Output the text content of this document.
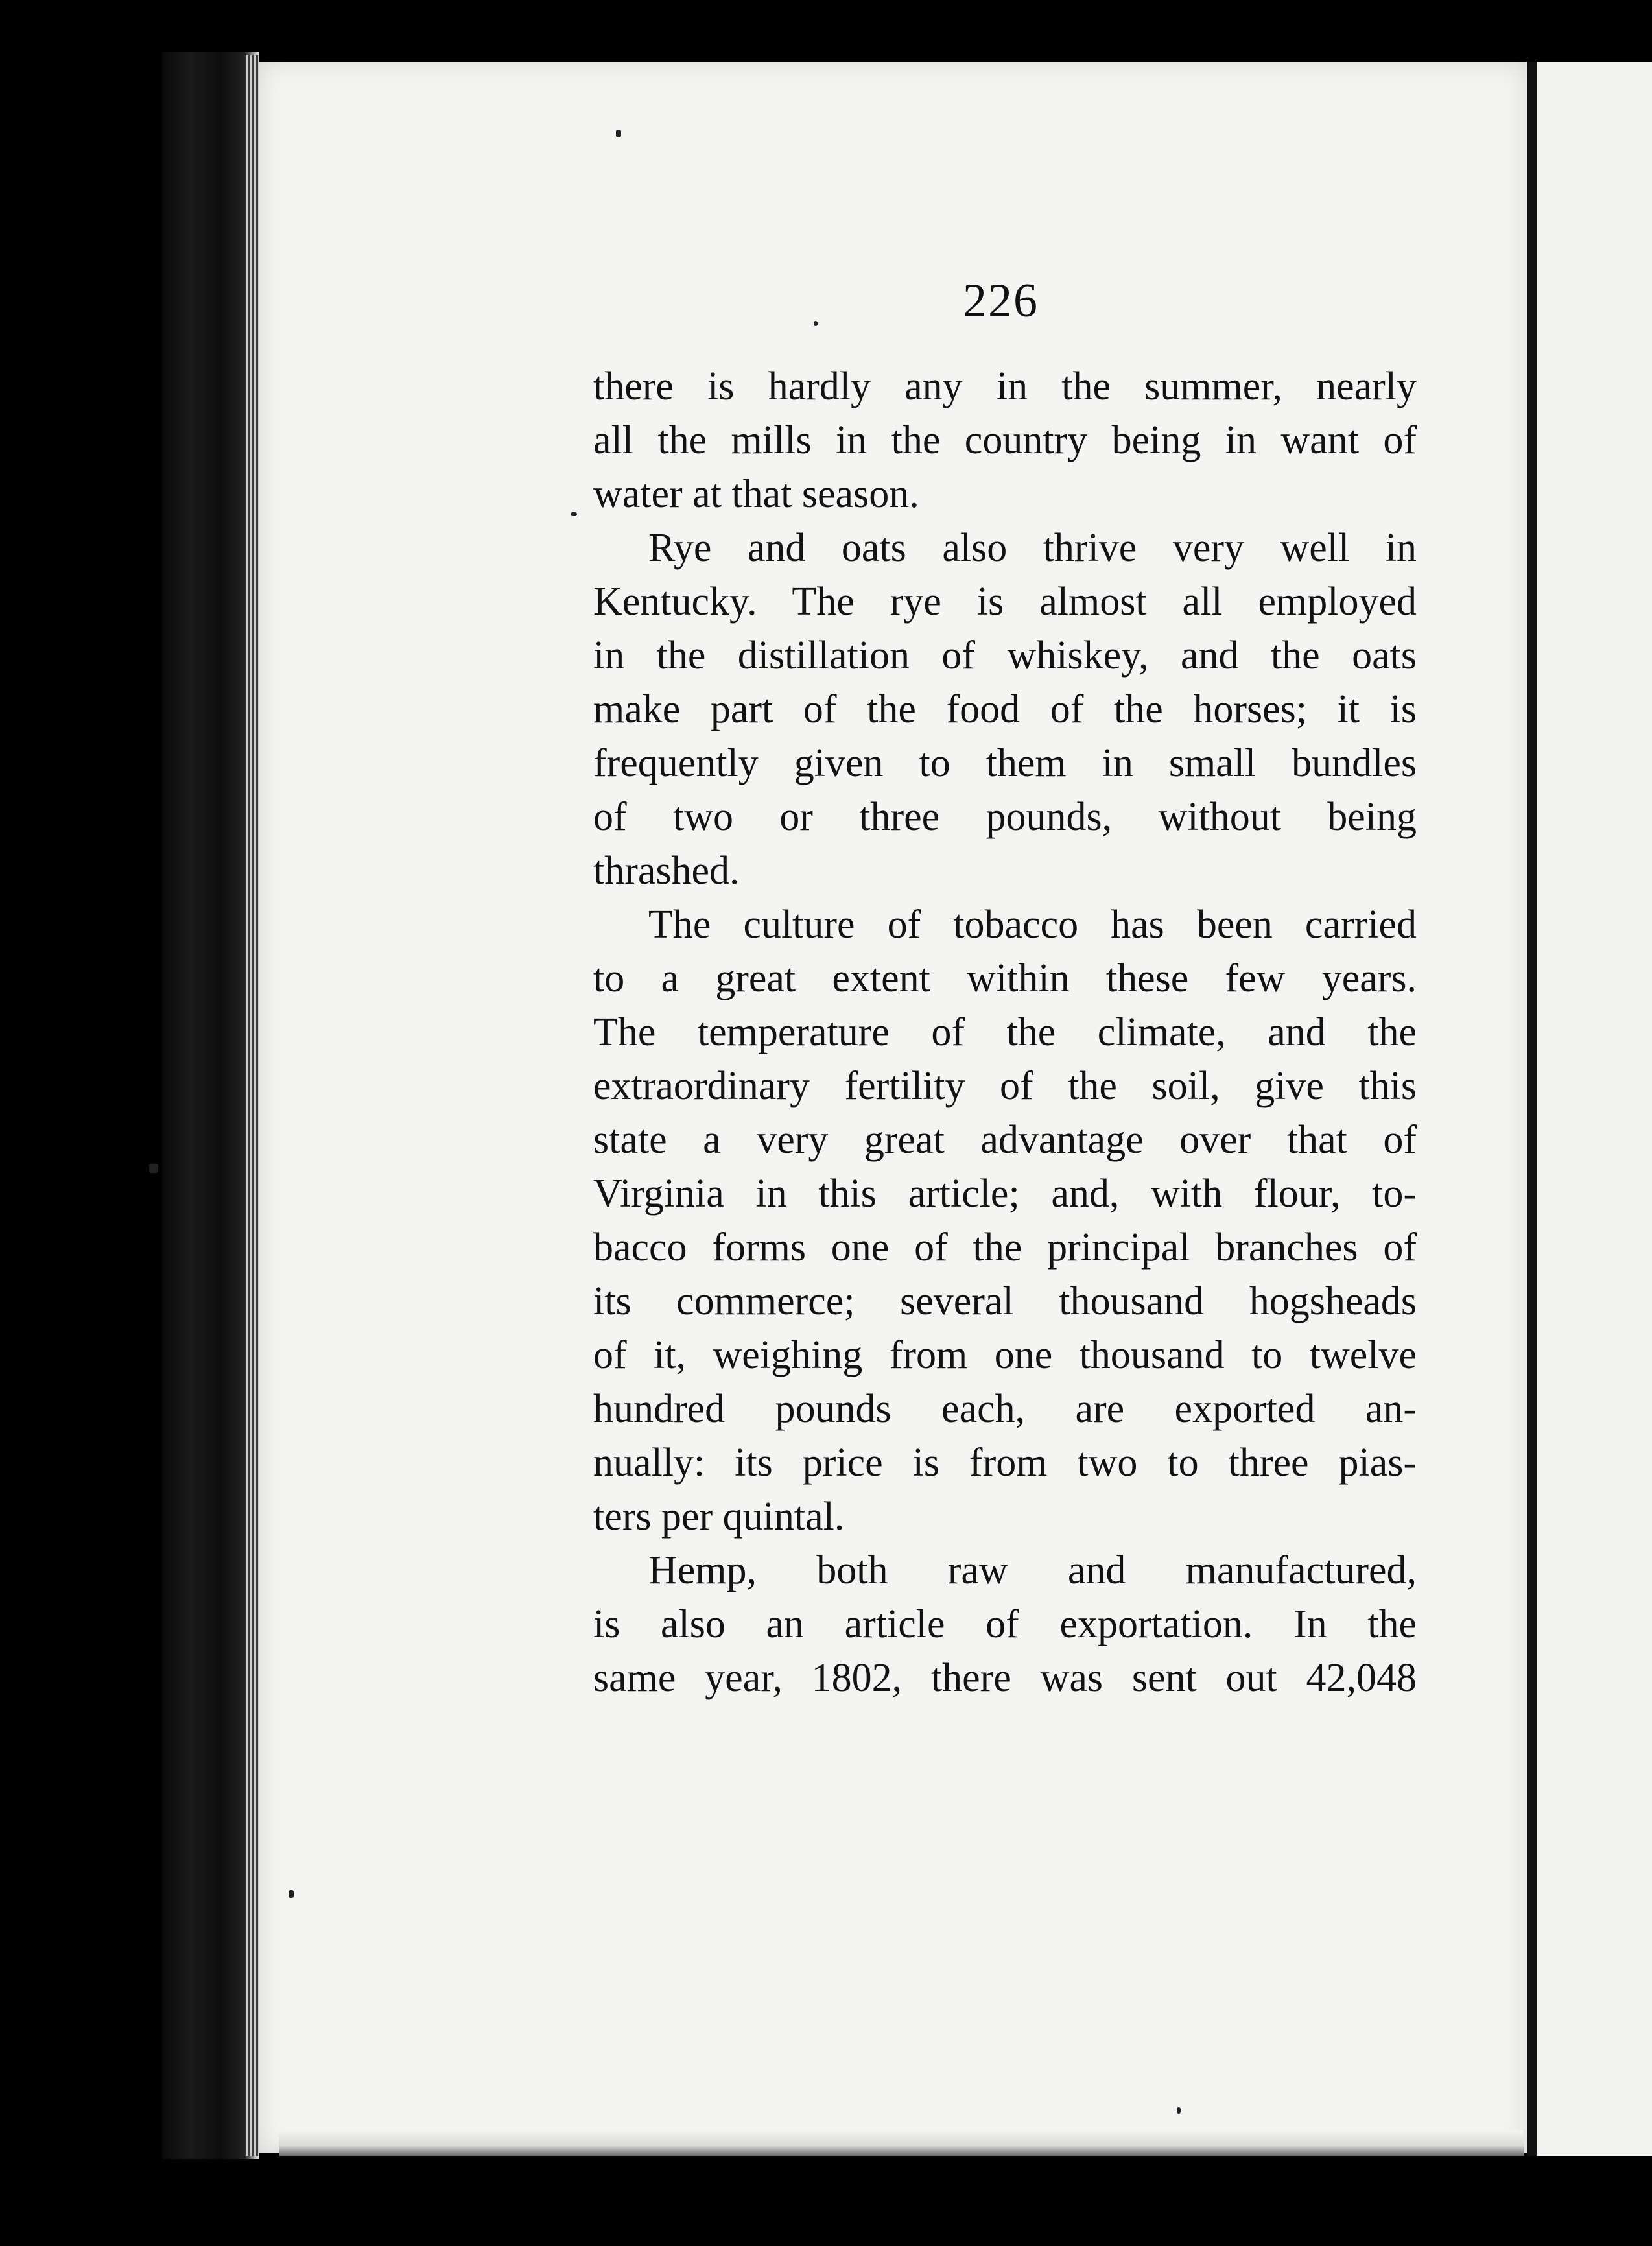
226

there is hardly any in the summer, nearly
all the mills in the country being in want of
water at that season.

Rye and oats also thrive very well in
Kentucky. The rye is almost all employed
in the distillation of whiskey, and the oats
make part of the food of the horses; it is
frequently given to them in small bundles
of two or three pounds, without being
thrashed.

The culture of tobacco has been carried
to a great extent within these few years.
The temperature of the climate, and the
extraordinary fertility of the soil, give this
state a very great advantage over that of
Virginia in this article; and, with flour, to-
bacco forms one of the principal branches of
its commerce; several thousand hogsheads
of it, weighing from one thousand to twelve
hundred pounds each, are exported an-
nually: its price is from two to three pias-
ters per quintal.

Hemp, both raw and manufactured,
is also an article of exportation. In the
same year, 1802, there was sent out 42,048
